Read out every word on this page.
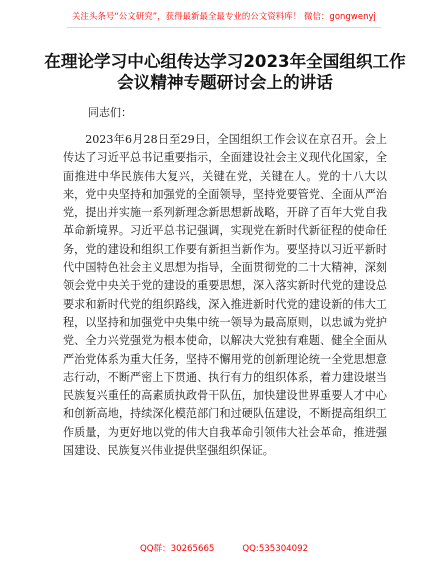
关注头条号“公文研究”，获得最新最全最专业的公文资料库！ 微信：gongwenyj
在理论学习中心组传达学习2023年全国组织工作会议精神专题研讨会上的讲话
同志们：

2023年6月28日至29日，全国组织工作会议在京召开。会上传达了习近平总书记重要指示，全面建设社会主义现代化国家，全面推进中华民族伟大复兴，关键在党，关键在人。党的十八大以来，党中央坚持和加强党的全面领导，坚持党要管党、全面从严治党，提出并实施一系列新理念新思想新战略，开辟了百年大党自我革命新境界。习近平总书记强调，实现党在新时代新征程的使命任务，党的建设和组织工作要有新担当新作为。要坚持以习近平新时代中国特色社会主义思想为指导，全面贯彻党的二十大精神，深刻领会党中央关于党的建设的重要思想，深入落实新时代党的建设总要求和新时代党的组织路线，深入推进新时代党的建设新的伟大工程，以坚持和加强党中央集中统一领导为最高原则，以忠诚为党护党、全力兴党强党为根本使命，以解决大党独有难题、健全全面从严治党体系为重大任务，坚持不懈用党的创新理论统一全党思想意志行动，不断严密上下贯通、执行有力的组织体系，着力建设堪当民族复兴重任的高素质执政骨干队伍，加快建设世界重要人才中心和创新高地，持续深化模范部门和过硬队伍建设，不断提高组织工作质量，为更好地以党的伟大自我革命引领伟大社会革命，推进强国建设、民族复兴伟业提供坚强组织保证。

QQ群：30265665	QQ:535304092
